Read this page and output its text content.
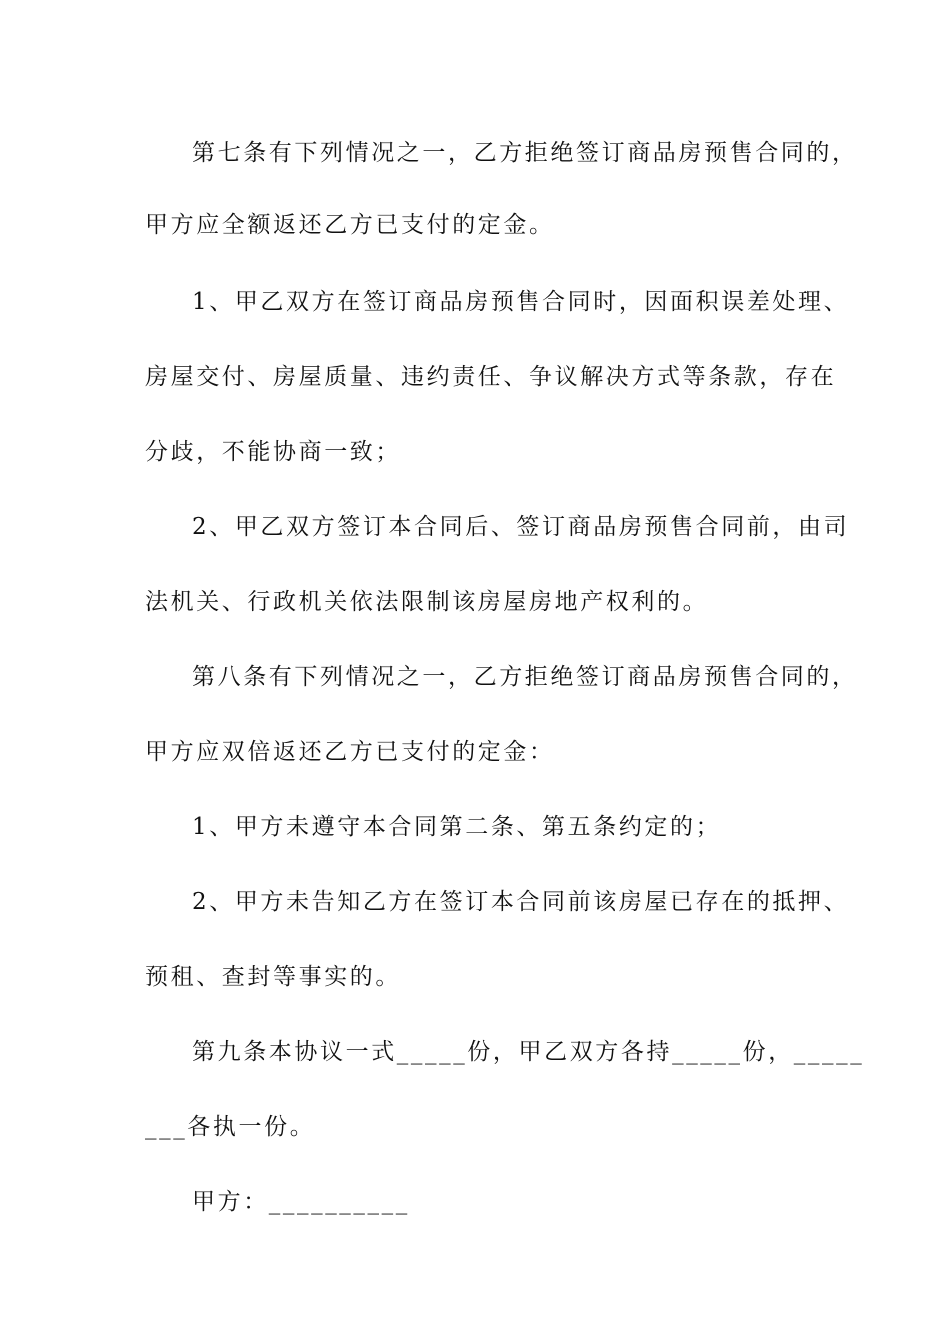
第七条有下列情况之一，乙方拒绝签订商品房预售合同的，
甲方应全额返还乙方已支付的定金。
1、甲乙双方在签订商品房预售合同时，因面积误差处理、
房屋交付、房屋质量、违约责任、争议解决方式等条款，存在
分歧，不能协商一致；
2、甲乙双方签订本合同后、签订商品房预售合同前，由司
法机关、行政机关依法限制该房屋房地产权利的。
第八条有下列情况之一，乙方拒绝签订商品房预售合同的，
甲方应双倍返还乙方已支付的定金：
1、甲方未遵守本合同第二条、第五条约定的；
2、甲方未告知乙方在签订本合同前该房屋已存在的抵押、
预租、查封等事实的。
第九条本协议一式_____份，甲乙双方各持_____份，_____
___各执一份。
甲方：__________
